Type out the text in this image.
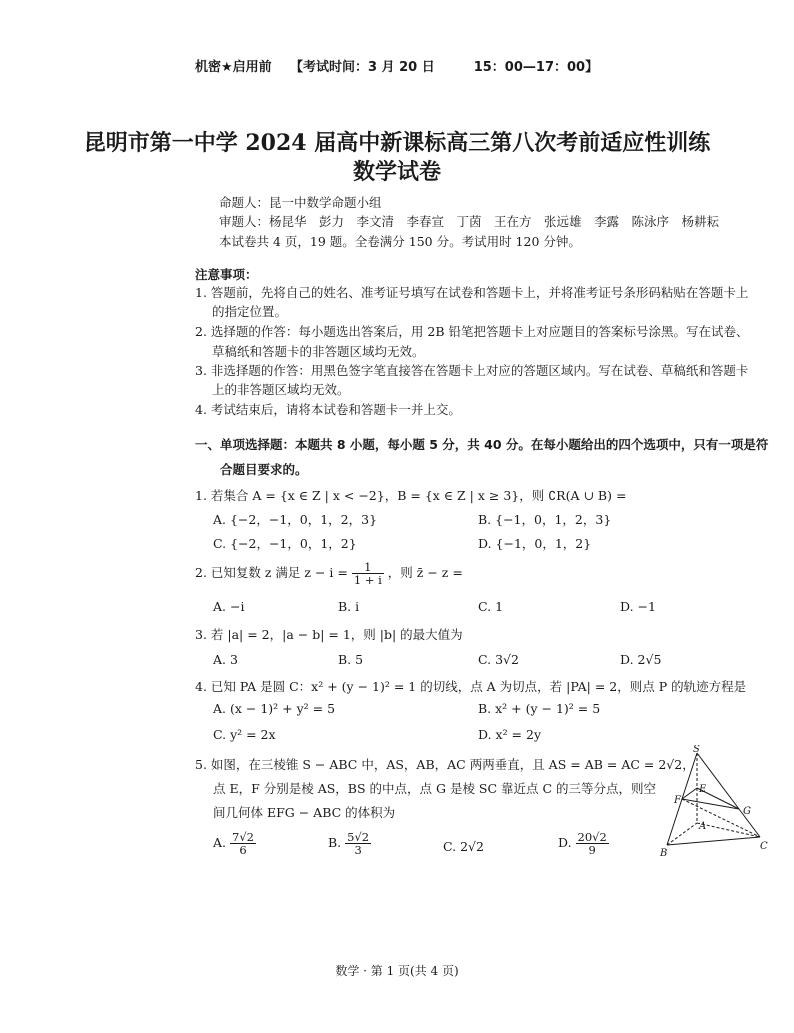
机密★启用前 【考试时间：3 月 20 日　　　15：00—17：00】
昆明市第一中学 2024 届高中新课标高三第八次考前适应性训练
数学试卷
命题人：昆一中数学命题小组
审题人：杨昆华　彭力　李文清　李春宣　丁茵　王在方　张远雄　李露　陈泳序　杨耕耘
本试卷共 4 页，19 题。全卷满分 150 分。考试用时 120 分钟。
注意事项：
1. 答题前，先将自己的姓名、准考证号填写在试卷和答题卡上，并将准考证号条形码粘贴在答题卡上
的指定位置。
2. 选择题的作答：每小题选出答案后，用 2B 铅笔把答题卡上对应题目的答案标号涂黑。写在试卷、
草稿纸和答题卡的非答题区域均无效。
3. 非选择题的作答：用黑色签字笔直接答在答题卡上对应的答题区域内。写在试卷、草稿纸和答题卡
上的非答题区域均无效。
4. 考试结束后，请将本试卷和答题卡一并上交。
一、单项选择题：本题共 8 小题，每小题 5 分，共 40 分。在每小题给出的四个选项中，只有一项是符
合题目要求的。
1. 若集合 A = {x ∈ Z | x < −2}，B = {x ∈ Z | x ≥ 3}，则 ∁R(A ∪ B) =
A. {−2，−1，0，1，2，3}	B. {−1，0，1，2，3}
C. {−2，−1，0，1，2}	D. {−1，0，1，2}
2. 已知复数 z 满足 $z - i = \frac{1}{1 + i}$ ，则 z̄ − z =
A. −i	B. i	C. 1	D. −1
3. 若 |a| = 2，|a − b| = 1，则 |b| 的最大值为
A. 3	B. 5	C. 3√2	D. 2√5
4. 已知 PA 是圆 C：x² + (y − 1)² = 1 的切线，点 A 为切点，若 |PA| = 2，则点 P 的轨迹方程是
A. (x − 1)² + y² = 5	B. x² + (y − 1)² = 5
C. y² = 2x	D. x² = 2y
5. 如图，在三棱锥 S − ABC 中，AS，AB，AC 两两垂直，且 AS = AB = AC = 2√2，
点 E，F 分别是棱 AS，BS 的中点，点 G 是棱 SC 靠近点 C 的三等分点，则空
间几何体 EFG − ABC 的体积为
A. $\frac{7√2}{6}$	B. $\frac{5√2}{3}$	C. 2√2	D. $\frac{20√2}{9}$
S
E
F
G
A
B
C
数学 · 第 1 页(共 4 页)
